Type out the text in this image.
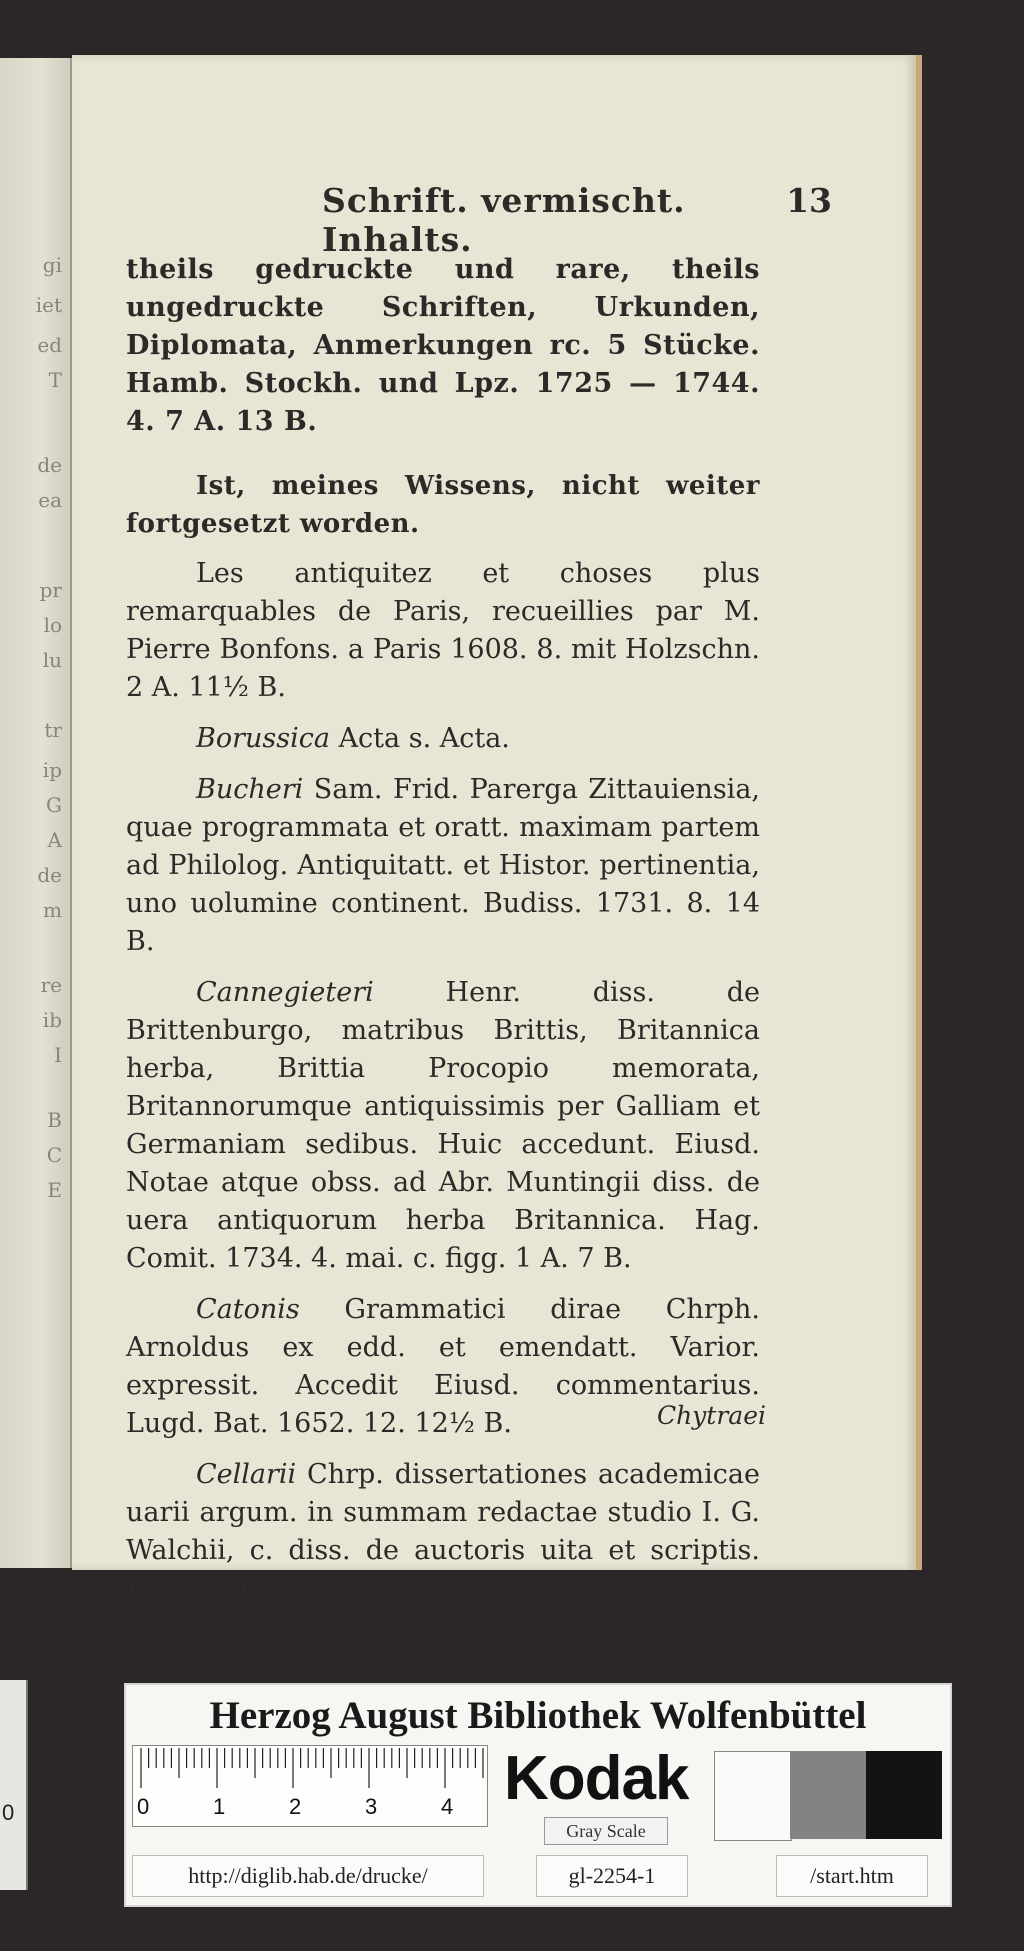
gi
iet
ed
T
de
ea
pr
lo
lu
tr
ip
G
A
de
m
re
ib
I
B
C
E
0
Schrift. vermischt. Inhalts.
13

theils gedruckte und rare, theils ungedruckte Schriften, Urkunden, Diplomata, Anmerkungen rc. 5 Stücke. Hamb. Stockh. und Lpz. 1725 — 1744. 4. 7 A. 13 B.

Ist, meines Wissens, nicht weiter fortgesetzt worden.

Les antiquitez et choses plus remarquables de Paris, recueillies par M. Pierre Bonfons. a Paris 1608. 8. mit Holzschn. 2 A. 11½ B.

Borussica Acta s. Acta.

Bucheri Sam. Frid. Parerga Zittauiensia, quae programmata et oratt. maximam partem ad Philolog. Antiquitatt. et Histor. pertinentia, uno uolumine continent. Budiss. 1731. 8. 14 B.

Cannegieteri	Henr. diss. de Brittenburgo, matribus Brittis, Britannica herba, Brittia Procopio memorata, Britannorumque antiquissimis per Galliam et Germaniam sedibus. Huic accedunt. Eiusd. Notae atque obss. ad Abr. Muntingii diss. de uera antiquorum herba Britannica. Hag. Comit. 1734. 4. mai. c. figg. 1 A. 7 B.

Catonis Grammatici dirae Chrph. Arnoldus ex edd. et emendatt. Varior. expressit. Accedit Eiusd. commentarius. Lugd. Bat. 1652. 12. 12½ B.

Cellarii Chrp. dissertationes academicae uarii argum. in summam redactae studio I. G. Walchii, c. diss. de auctoris uita et scriptis. Lips. 1712. 8. 2 A. 13 B.

Chytraei
Herzog August Bibliothek Wolfenbüttel
0	1	2	3	4 Kodak
Gray Scale
http://diglib.hab.de/drucke/	gl-2254-1	/start.htm
